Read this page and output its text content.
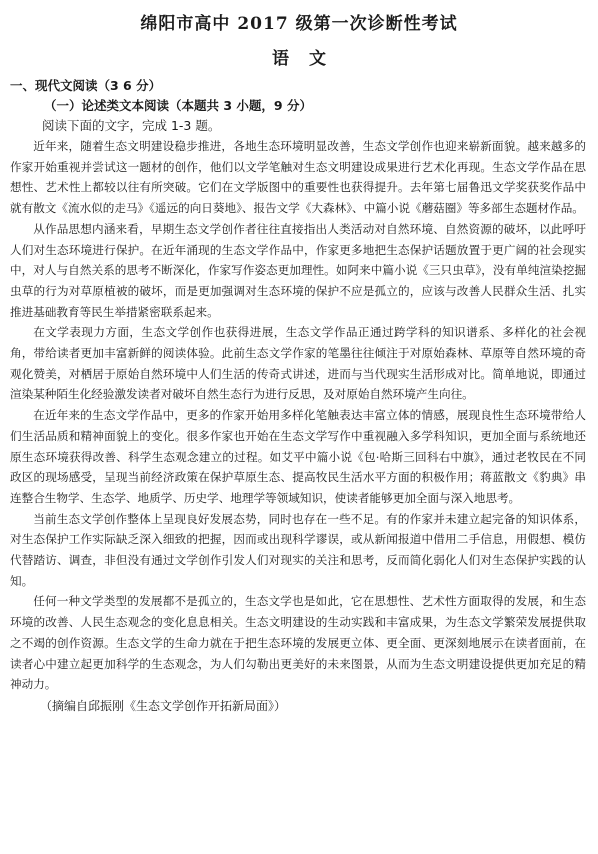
绵阳市高中 2017 级第一次诊断性考试
语文
一、现代文阅读（3 6 分）
（一）论述类文本阅读（本题共 3 小题，9 分）
阅读下面的文字，完成 1-3 题。

近年来，随着生态文明建设稳步推进，各地生态环境明显改善，生态文学创作也迎来崭新面貌。越来越多的作家开始重视并尝试这一题材的创作，他们以文学笔触对生态文明建设成果进行艺术化再现。生态文学作品在思想性、艺术性上都较以往有所突破。它们在文学版图中的重要性也获得提升。去年第七届鲁迅文学奖获奖作品中就有散文《流水似的走马》《遥远的向日葵地》、报告文学《大森林》、中篇小说《蘑菇圈》等多部生态题材作品。

从作品思想内涵来看，早期生态文学创作者往往直接指出人类活动对自然环境、自然资源的破坏，以此呼吁人们对生态环境进行保护。在近年涌现的生态文学作品中，作家更多地把生态保护话题放置于更广阔的社会现实中，对人与自然关系的思考不断深化，作家写作姿态更加理性。如阿来中篇小说《三只虫草》，没有单纯渲染挖掘虫草的行为对草原植被的破坏，而是更加强调对生态环境的保护不应是孤立的，应该与改善人民群众生活、扎实推进基础教育等民生举措紧密联系起来。

在文学表现力方面，生态文学创作也获得进展，生态文学作品正通过跨学科的知识谱系、多样化的社会视角，带给读者更加丰富新鲜的阅读体验。此前生态文学作家的笔墨往往倾注于对原始森林、草原等自然环境的奇观化赞美，对栖居于原始自然环境中人们生活的传奇式讲述，进而与当代现实生活形成对比。简单地说，即通过渲染某种陌生化经验激发读者对破坏自然生态行为进行反思，及对原始自然环境产生向往。

在近年来的生态文学作品中，更多的作家开始用多样化笔触表达丰富立体的情感，展现良性生态环境带给人们生活品质和精神面貌上的变化。很多作家也开始在生态文学写作中重视融入多学科知识，更加全面与系统地还原生态环境获得改善、科学生态观念建立的过程。如艾平中篇小说《包·哈斯三回科右中旗》，通过老牧民在不同政区的现场感受，呈现当前经济政策在保护草原生态、提高牧民生活水平方面的积极作用；蒋蓝散文《豹典》串连整合生物学、生态学、地质学、历史学、地理学等领域知识，使读者能够更加全面与深入地思考。

当前生态文学创作整体上呈现良好发展态势，同时也存在一些不足。有的作家并未建立起完备的知识体系，对生态保护工作实际缺乏深入细致的把握，因而或出现科学谬误，或从新闻报道中借用二手信息，用假想、模仿代替踏访、调查，非但没有通过文学创作引发人们对现实的关注和思考，反而简化弱化人们对生态保护实践的认知。

任何一种文学类型的发展都不是孤立的，生态文学也是如此，它在思想性、艺术性方面取得的发展，和生态环境的改善、人民生态观念的变化息息相关。生态文明建设的生动实践和丰富成果，为生态文学繁荣发展提供取之不竭的创作资源。生态文学的生命力就在于把生态环境的发展更立体、更全面、更深刻地展示在读者面前，在读者心中建立起更加科学的生态观念，为人们勾勒出更美好的未来图景，从而为生态文明建设提供更加充足的精神动力。

（摘编自邱振刚《生态文学创作开拓新局面》）
